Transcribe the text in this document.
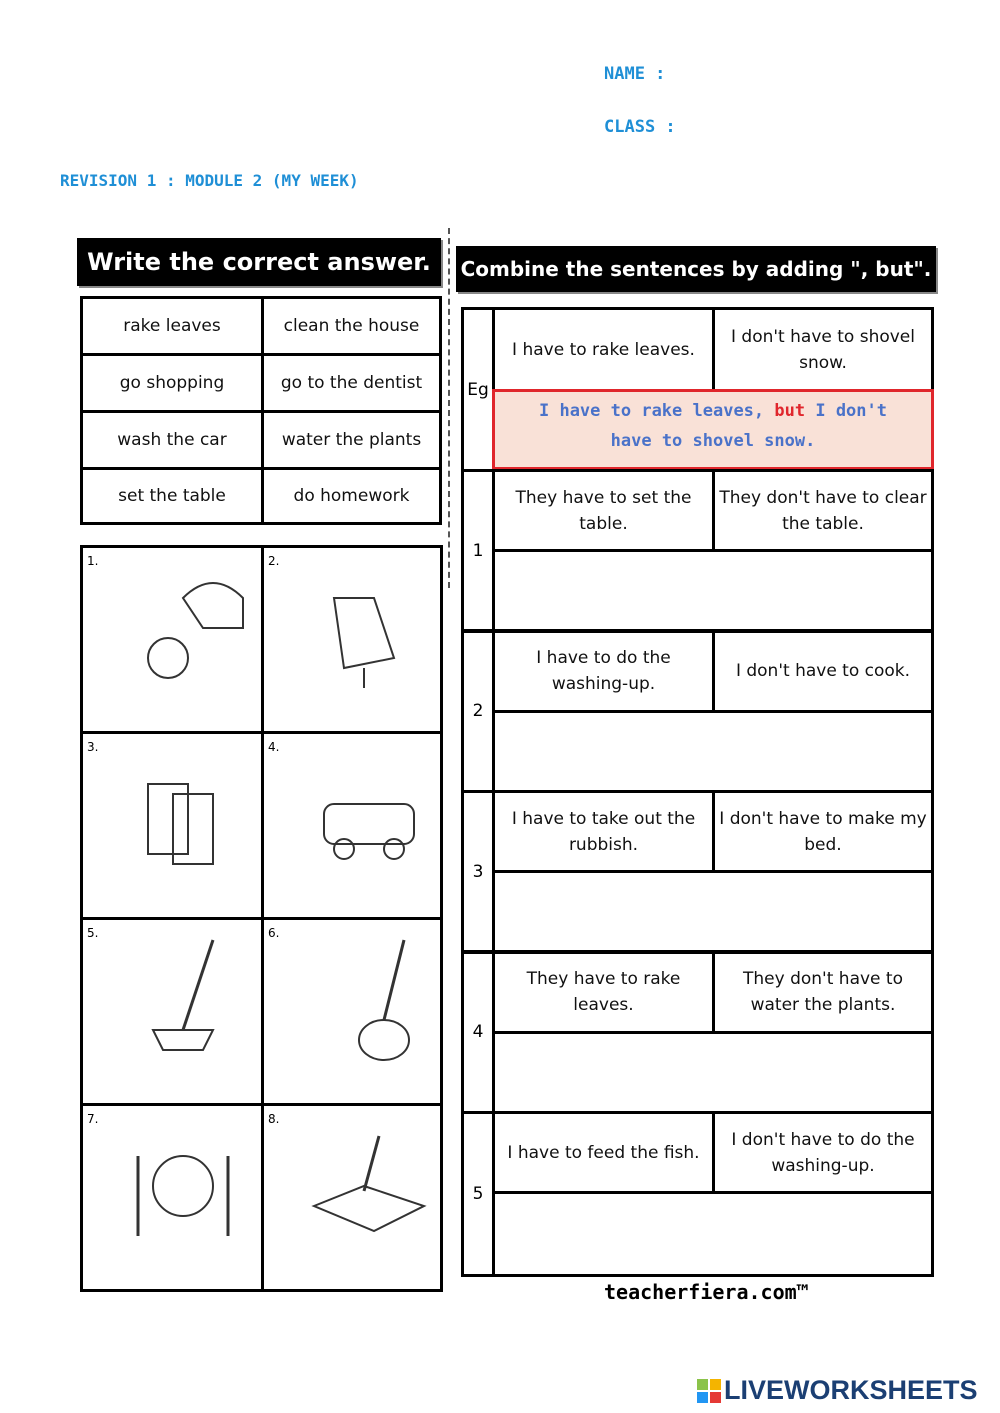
NAME :
CLASS :
REVISION 1 : MODULE 2 (MY WEEK)
Write the correct answer.	Combine the sentences by adding ", but".
rake leaves	clean the house
go shopping	go to the dentist
wash the car	water the plants
set the table	do homework
1.	2.
3.	4.
5.	6.
7.	8.
Eg
I have to rake leaves.
I don't have to shovel snow.
I have to rake leaves, but I don't have to shovel snow.
1
They have to set the table.
They don't have to clear the table.
2
I have to do the washing-up.
I don't have to cook.
3
I have to take out the rubbish.
I don't have to make my bed.
4
They have to rake leaves.
They don't have to water the plants.
5
I have to feed the fish.
I don't have to do the washing-up.
teacherfiera.com™
LIVEWORKSHEETS
